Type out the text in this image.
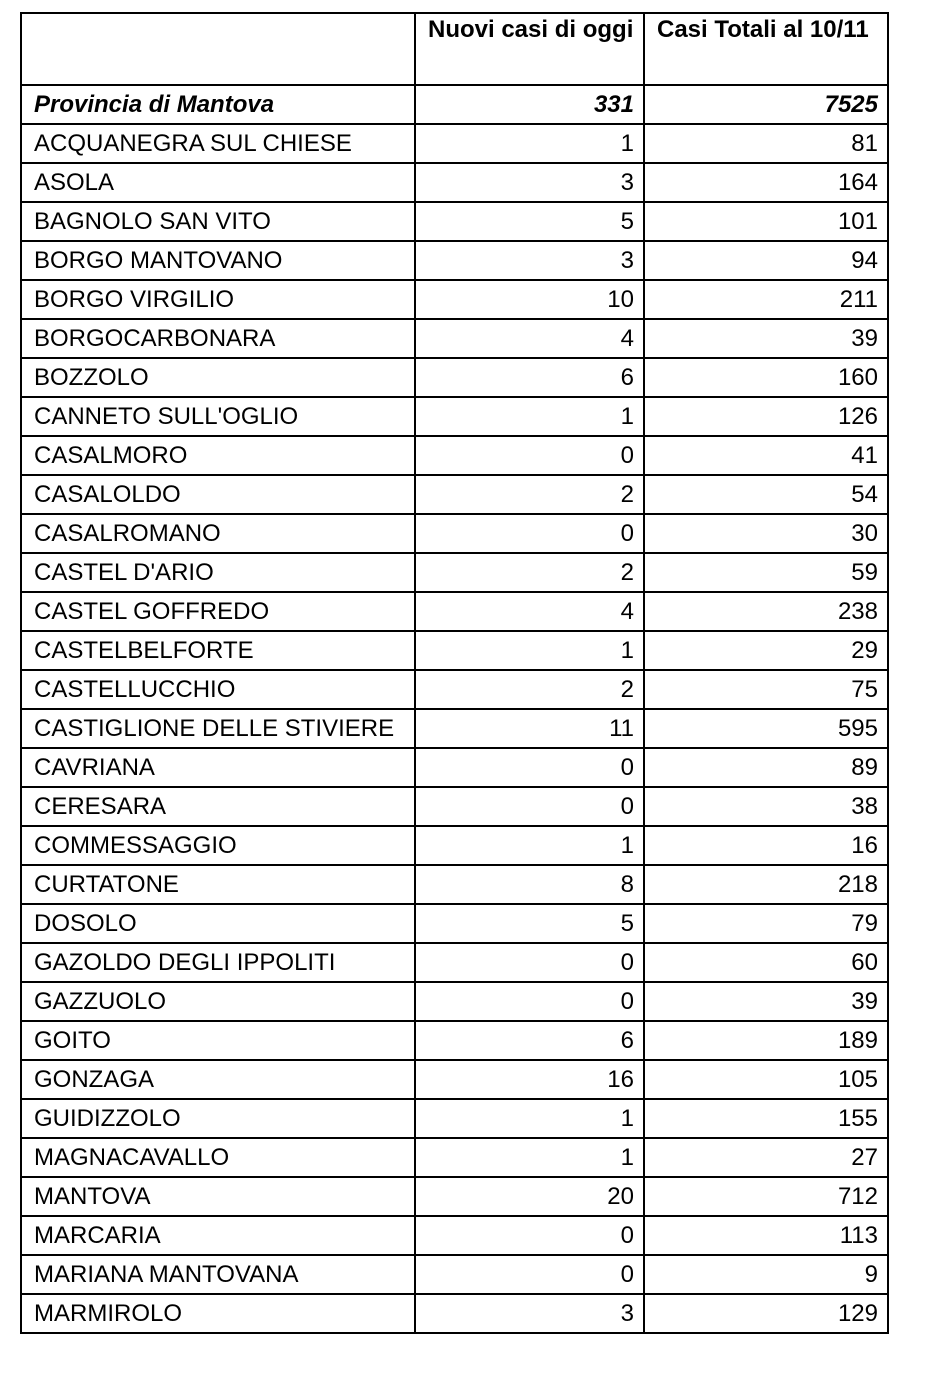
	Nuovi casi di oggi	Casi Totali al 10/11
Provincia di Mantova	331	7525
ACQUANEGRA SUL CHIESE	1	81
ASOLA	3	164
BAGNOLO SAN VITO	5	101
BORGO MANTOVANO	3	94
BORGO VIRGILIO	10	211
BORGOCARBONARA	4	39
BOZZOLO	6	160
CANNETO SULL'OGLIO	1	126
CASALMORO	0	41
CASALOLDO	2	54
CASALROMANO	0	30
CASTEL D'ARIO	2	59
CASTEL GOFFREDO	4	238
CASTELBELFORTE	1	29
CASTELLUCCHIO	2	75
CASTIGLIONE DELLE STIVIERE	11	595
CAVRIANA	0	89
CERESARA	0	38
COMMESSAGGIO	1	16
CURTATONE	8	218
DOSOLO	5	79
GAZOLDO DEGLI IPPOLITI	0	60
GAZZUOLO	0	39
GOITO	6	189
GONZAGA	16	105
GUIDIZZOLO	1	155
MAGNACAVALLO	1	27
MANTOVA	20	712
MARCARIA	0	113
MARIANA MANTOVANA	0	9
MARMIROLO	3	129
